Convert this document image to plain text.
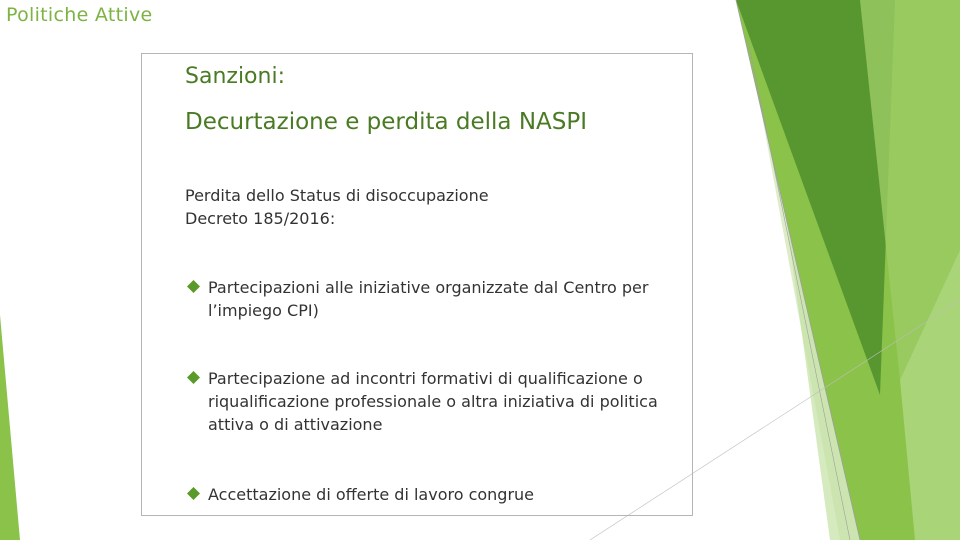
Politiche Attive
Sanzioni:
Decurtazione e perdita della NASPI
Perdita dello Status di disoccupazione
Decreto 185/2016:
Partecipazioni alle iniziative organizzate dal Centro per l’impiego CPI)
Partecipazione ad incontri formativi di qualificazione o riqualificazione professionale o altra iniziativa di politica attiva o di attivazione
Accettazione di offerte di lavoro congrue
